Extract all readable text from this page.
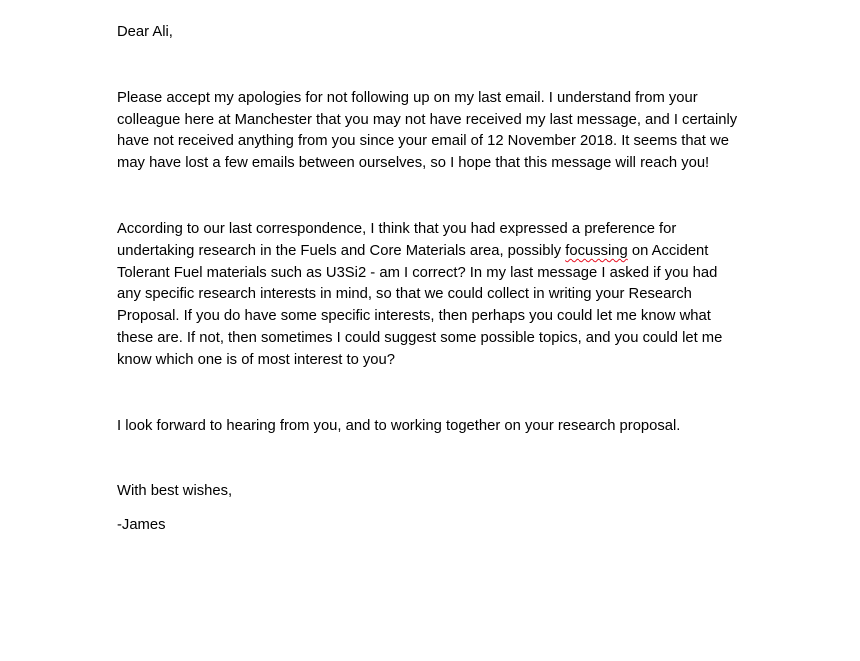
Dear Ali,

Please accept my apologies for not following up on my last email. I understand from your colleague here at Manchester that you may not have received my last message, and I certainly have not received anything from you since your email of 12 November 2018. It seems that we may have lost a few emails between ourselves, so I hope that this message will reach you!

According to our last correspondence, I think that you had expressed a preference for undertaking research in the Fuels and Core Materials area, possibly focussing on Accident Tolerant Fuel materials such as U3Si2 - am I correct? In my last message I asked if you had any specific research interests in mind, so that we could collect in writing your Research Proposal. If you do have some specific interests, then perhaps you could let me know what these are. If not, then sometimes I could suggest some possible topics, and you could let me know which one is of most interest to you?

I look forward to hearing from you, and to working together on your research proposal.

With best wishes,

-James
